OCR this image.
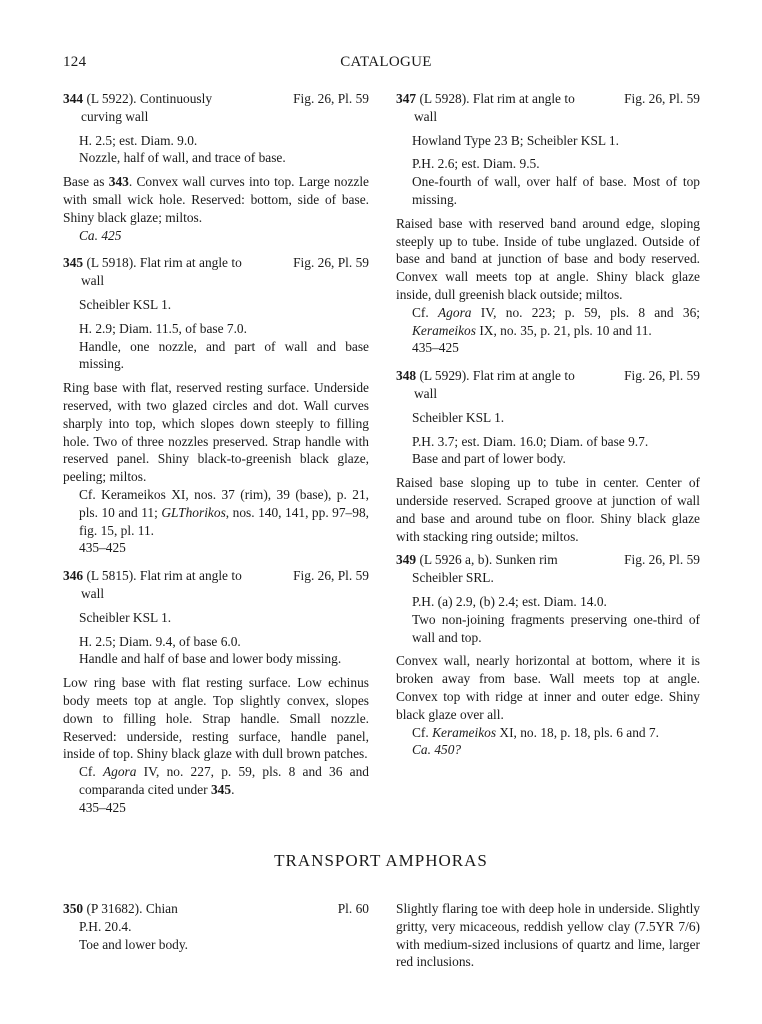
124	CATALOGUE
344 (L 5922). Continuously	Fig. 26, Pl. 59

curving wall

H. 2.5; est. Diam. 9.0.

Nozzle, half of wall, and trace of base.

Base as 343. Convex wall curves into top. Large nozzle with small wick hole. Reserved: bottom, side of base. Shiny black glaze; miltos.

Ca. 425

345 (L 5918). Flat rim at angle to	Fig. 26, Pl. 59

wall

Scheibler KSL 1.

H. 2.9; Diam. 11.5, of base 7.0.

Handle, one nozzle, and part of wall and base missing.

Ring base with flat, reserved resting surface. Underside reserved, with two glazed circles and dot. Wall curves sharply into top, which slopes down steeply to filling hole. Two of three nozzles preserved. Strap handle with reserved panel. Shiny black-to-greenish black glaze, peeling; miltos.

Cf. Kerameikos XI, nos. 37 (rim), 39 (base), p. 21, pls. 10 and 11; GLThorikos, nos. 140, 141, pp. 97–98, fig. 15, pl. 11.

435–425

346 (L 5815). Flat rim at angle to	Fig. 26, Pl. 59

wall

Scheibler KSL 1.

H. 2.5; Diam. 9.4, of base 6.0.

Handle and half of base and lower body missing.

Low ring base with flat resting surface. Low echinus body meets top at angle. Top slightly convex, slopes down to filling hole. Strap handle. Small nozzle. Reserved: underside, resting surface, handle panel, inside of top. Shiny black glaze with dull brown patches.

Cf. Agora IV, no. 227, p. 59, pls. 8 and 36 and comparanda cited under 345.

435–425

347 (L 5928). Flat rim at angle to	Fig. 26, Pl. 59

wall

Howland Type 23 B; Scheibler KSL 1.

P.H. 2.6; est. Diam. 9.5.

One-fourth of wall, over half of base. Most of top missing.

Raised base with reserved band around edge, sloping steeply up to tube. Inside of tube unglazed. Outside of base and band at junction of base and body reserved. Convex wall meets top at angle. Shiny black glaze inside, dull greenish black outside; miltos.

Cf. Agora IV, no. 223; p. 59, pls. 8 and 36; Kerameikos IX, no. 35, p. 21, pls. 10 and 11.

435–425

348 (L 5929). Flat rim at angle to	Fig. 26, Pl. 59

wall

Scheibler KSL 1.

P.H. 3.7; est. Diam. 16.0; Diam. of base 9.7.

Base and part of lower body.

Raised base sloping up to tube in center. Center of underside reserved. Scraped groove at junction of wall and base and around tube on floor. Shiny black glaze with stacking ring outside; miltos.

349 (L 5926 a, b). Sunken rim	Fig. 26, Pl. 59

Scheibler SRL.

P.H. (a) 2.9, (b) 2.4; est. Diam. 14.0.

Two non-joining fragments preserving one-third of wall and top.

Convex wall, nearly horizontal at bottom, where it is broken away from base. Wall meets top at angle. Convex top with ridge at inner and outer edge. Shiny black glaze over all.

Cf. Kerameikos XI, no. 18, p. 18, pls. 6 and 7.

Ca. 450?

TRANSPORT AMPHORAS
350 (P 31682). Chian	Pl. 60

P.H. 20.4.

Toe and lower body.

Slightly flaring toe with deep hole in underside. Slightly gritty, very micaceous, reddish yellow clay (7.5YR 7/6) with medium-sized inclusions of quartz and lime, larger red inclusions.
